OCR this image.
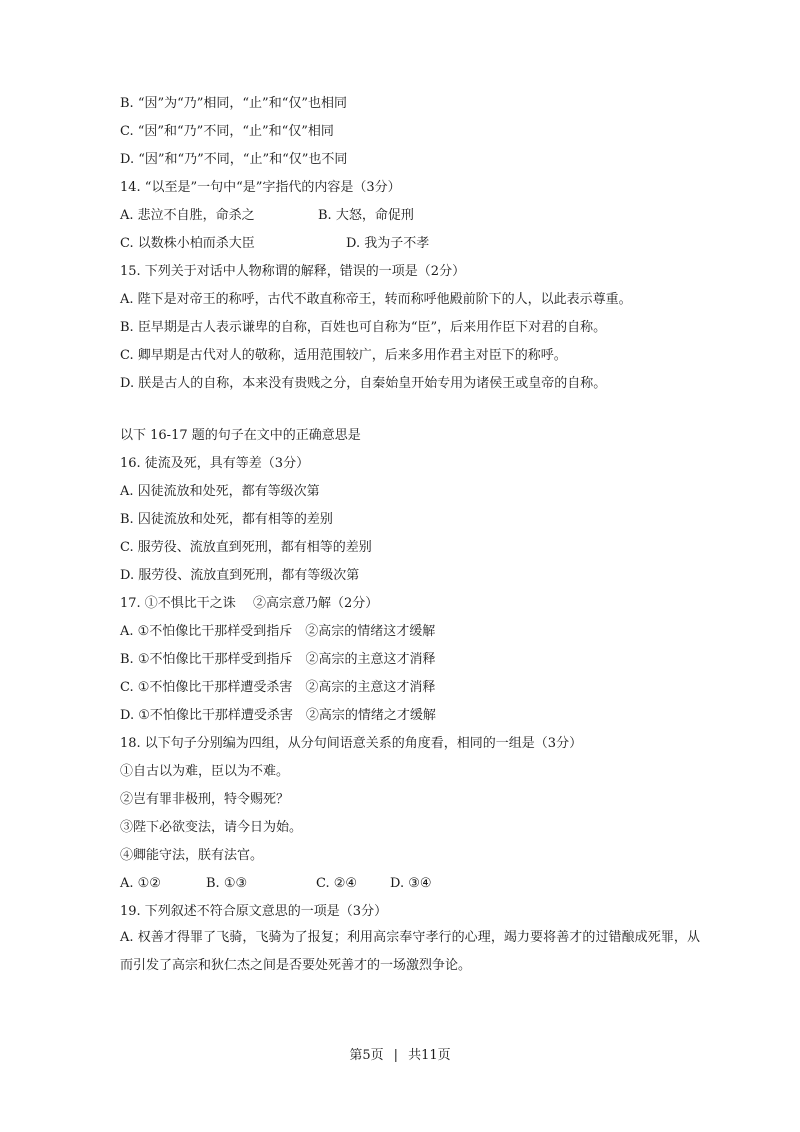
B. “因”为“乃”相同，“止”和“仅”也相同
C. “因”和“乃”不同，“止”和“仅”相同
D. “因”和“乃”不同，“止”和“仅”也不同
14. “以至是”一句中“是”字指代的内容是（3分）
A. 悲泣不自胜，命杀之	B. 大怒，命促刑
C. 以数株小柏而杀大臣	D. 我为子不孝
15. 下列关于对话中人物称谓的解释，错误的一项是（2分）
A. 陛下是对帝王的称呼，古代不敢直称帝王，转而称呼他殿前阶下的人，以此表示尊重。
B. 臣早期是古人表示谦卑的自称，百姓也可自称为“臣”，后来用作臣下对君的自称。
C. 卿早期是古代对人的敬称，适用范围较广，后来多用作君主对臣下的称呼。
D. 朕是古人的自称，本来没有贵贱之分，自秦始皇开始专用为诸侯王或皇帝的自称。
以下 16-17 题的句子在文中的正确意思是
16. 徒流及死，具有等差（3分）
A. 囚徒流放和处死，都有等级次第
B. 囚徒流放和处死，都有相等的差别
C. 服劳役、流放直到死刑，都有相等的差别
D. 服劳役、流放直到死刑，都有等级次第
17. ①不惧比干之诛　 ②高宗意乃解（2分）
A. ①不怕像比干那样受到指斥　②高宗的情绪这才缓解
B. ①不怕像比干那样受到指斥　②高宗的主意这才消释
C. ①不怕像比干那样遭受杀害　②高宗的主意这才消释
D. ①不怕像比干那样遭受杀害　②高宗的情绪之才缓解
18. 以下句子分别编为四组，从分句间语意关系的角度看，相同的一组是（3分）
①自古以为难，臣以为不难。
②岂有罪非极刑，特令赐死？
③陛下必欲变法，请今日为始。
④卿能守法，朕有法官。
A. ①②	B. ①③	C. ②④	D. ③④
19. 下列叙述不符合原文意思的一项是（3分）
A. 权善才得罪了飞骑，飞骑为了报复；利用高宗奉守孝行的心理，竭力要将善才的过错酿成死罪，从而引发了高宗和狄仁杰之间是否要处死善才的一场激烈争论。
第5页 | 共11页
